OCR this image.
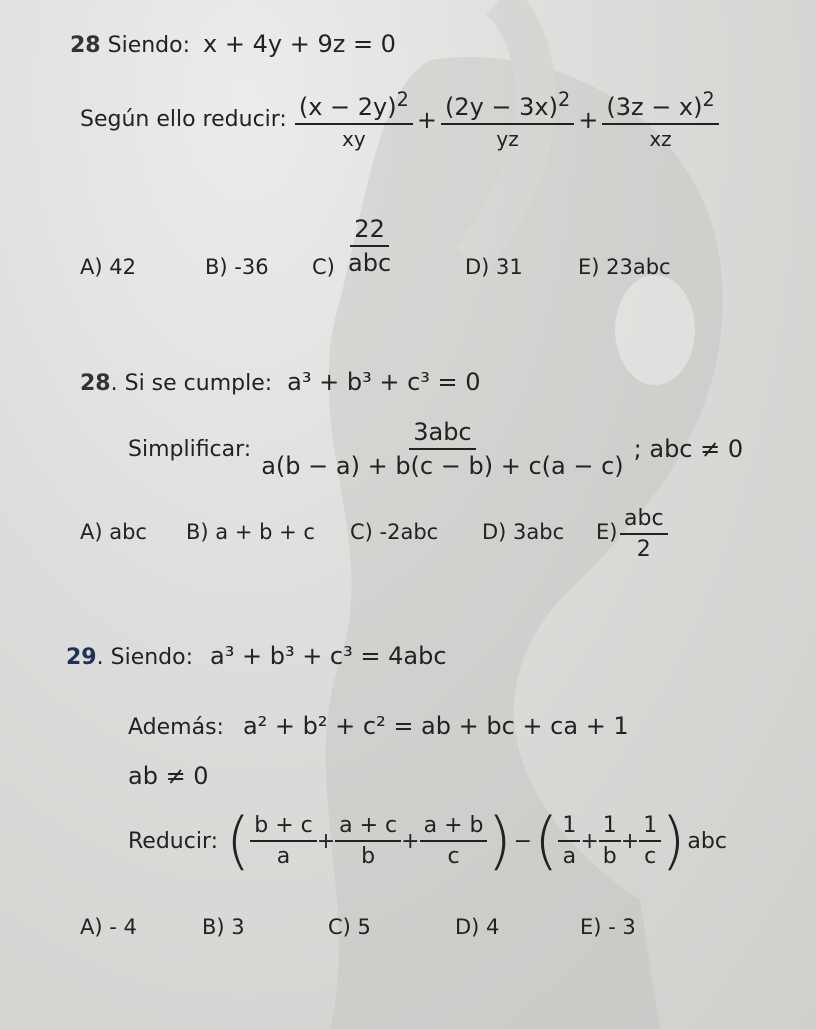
28 Siendo: x + 4y + 9z = 0
Según ello reducir: $\frac{(x - 2y)^2}{xy} + \frac{(2y - 3x)^2}{yz} + \frac{(3z - x)^2}{xz}$
A) 42	B) -36 C)
22
abc	D) 31	E) 23abc
28. Si se cumple: a³ + b³ + c³ = 0
Simplificar: $\frac{\text{3abc}}{a(b - a) + b(c - b) + c(a - c)}$ ; abc ≠ 0
A) abc B) a + b + c C) -2abc D) 3abc E)
abc
2
29. Siendo: a³ + b³ + c³ = 4abc
Además: a² + b² + c² = ab + bc + ca + 1
ab ≠ 0
Reducir: ( $\frac{b + c}{a} + \frac{a + c}{b} + \frac{a + b}{c}$ ) − ( $\frac{1}{a} + \frac{1}{b} + \frac{1}{c}$ ) abc
A) - 4	B) 3	C) 5	D) 4	E) - 3
